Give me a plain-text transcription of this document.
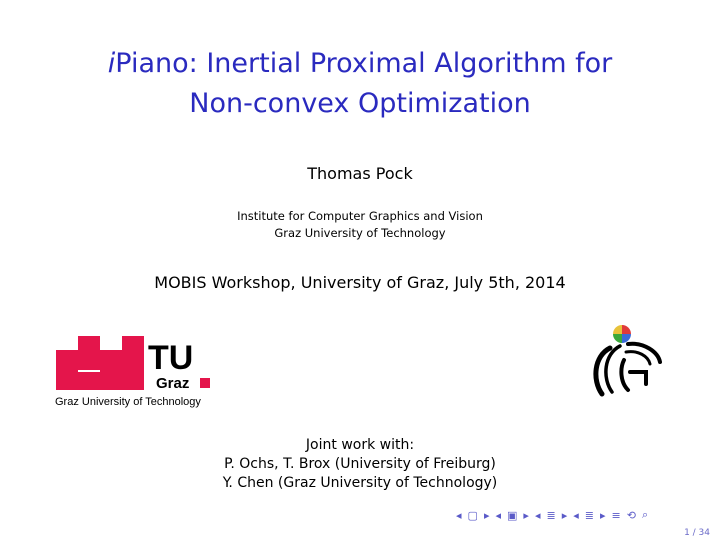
iPiano: Inertial Proximal Algorithm for
Non-convex Optimization
Thomas Pock
Institute for Computer Graphics and Vision
Graz University of Technology
MOBIS Workshop, University of Graz, July 5th, 2014
TU
Graz
Graz University of Technology
Joint work with:
P. Ochs, T. Brox (University of Freiburg)
Y. Chen (Graz University of Technology)
◂ ▢ ▸ ◂ ▣ ▸ ◂ ≣ ▸ ◂ ≣ ▸ ≡ ⟲ ⌕
1 / 34
